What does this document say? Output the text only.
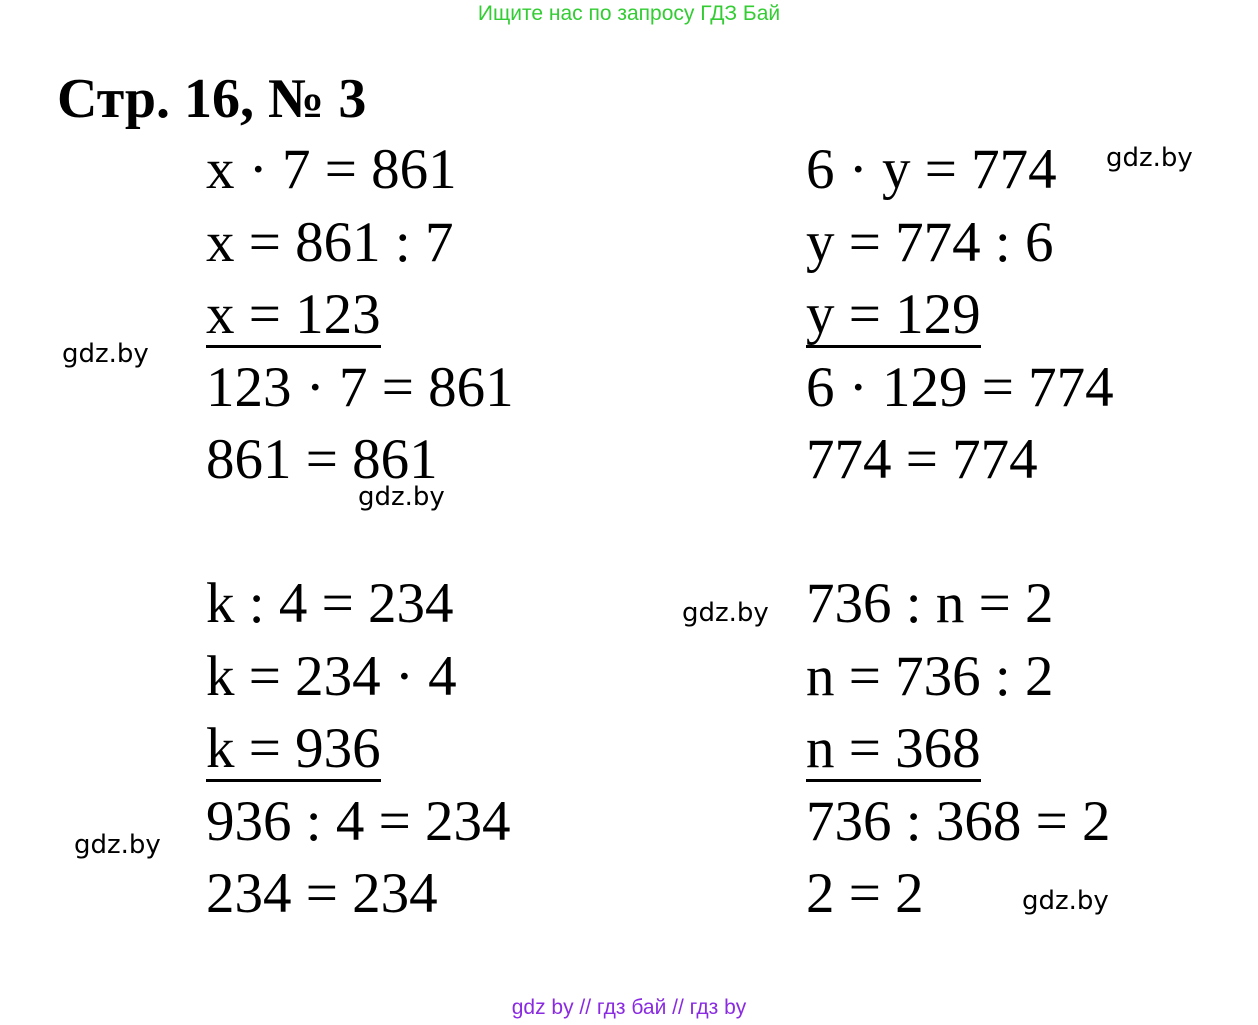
Ищите нас по запросу ГДЗ Бай
Стр. 16, № 3
x · 7 = 861
x = 861 : 7
x = 123
123 · 7 = 861
861 = 861
6 · y = 774
y = 774 : 6
y = 129
6 · 129 = 774
774 = 774
k : 4 = 234
k = 234 · 4
k = 936
936 : 4 = 234
234 = 234
736 : n = 2
n = 736 : 2
n = 368
736 : 368 = 2
2 = 2
gdz.by
gdz.by
gdz.by
gdz.by
gdz.by
gdz.by
gdz by // гдз бай // гдз by
